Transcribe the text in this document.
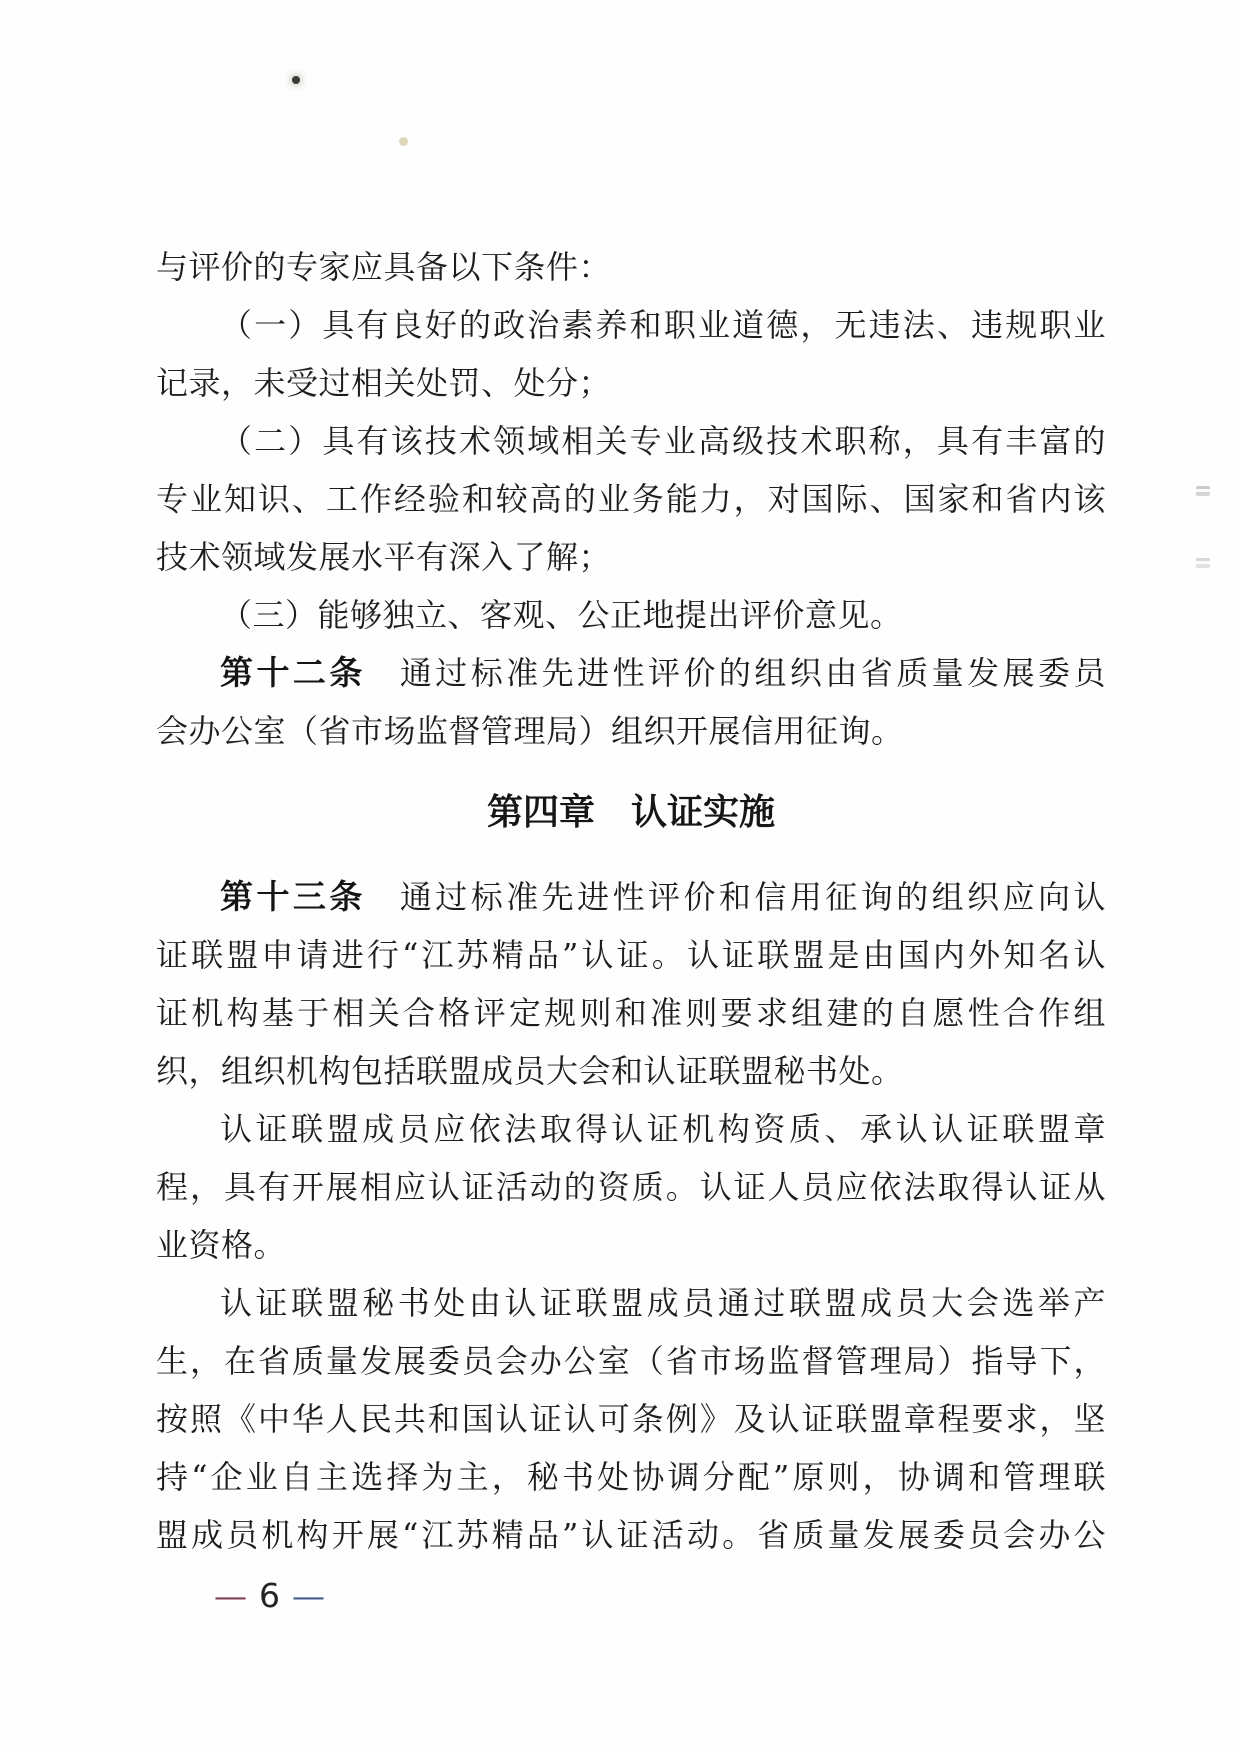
与评价的专家应具备以下条件：
（一）具有良好的政治素养和职业道德，无违法、违规职业
记录，未受过相关处罚、处分；
（二）具有该技术领域相关专业高级技术职称，具有丰富的
专业知识、工作经验和较高的业务能力，对国际、国家和省内该
技术领域发展水平有深入了解；
（三）能够独立、客观、公正地提出评价意见。
第十二条 通过标准先进性评价的组织由省质量发展委员
会办公室（省市场监督管理局）组织开展信用征询。
第四章 认证实施
第十三条 通过标准先进性评价和信用征询的组织应向认
证联盟申请进行“江苏精品”认证。认证联盟是由国内外知名认
证机构基于相关合格评定规则和准则要求组建的自愿性合作组
织，组织机构包括联盟成员大会和认证联盟秘书处。
认证联盟成员应依法取得认证机构资质、承认认证联盟章
程，具有开展相应认证活动的资质。认证人员应依法取得认证从
业资格。
认证联盟秘书处由认证联盟成员通过联盟成员大会选举产
生，在省质量发展委员会办公室（省市场监督管理局）指导下，
按照《中华人民共和国认证认可条例》及认证联盟章程要求，坚
持“企业自主选择为主，秘书处协调分配”原则，协调和管理联
盟成员机构开展“江苏精品”认证活动。省质量发展委员会办公
— 6 —
